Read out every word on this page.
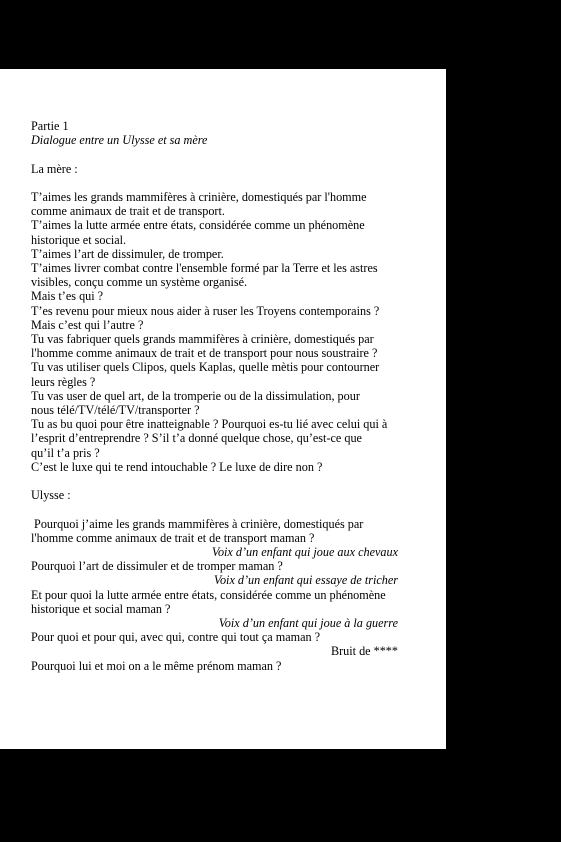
Partie 1
Dialogue entre un Ulysse et sa mère
La mère :
T’aimes les grands mammifères à crinière, domestiqués par l'homme
comme animaux de trait et de transport.
T’aimes la lutte armée entre états, considérée comme un phénomène
historique et social.
T’aimes l’art de dissimuler, de tromper.
T’aimes livrer combat contre l'ensemble formé par la Terre et les astres
visibles, conçu comme un système organisé.
Mais t’es qui ?
T’es revenu pour mieux nous aider à ruser les Troyens contemporains ?
Mais c’est qui l’autre ?
Tu vas fabriquer quels grands mammifères à crinière, domestiqués par
l'homme comme animaux de trait et de transport pour nous soustraire ?
Tu vas utiliser quels Clipos, quels Kaplas, quelle mètis pour contourner
leurs règles ?
Tu vas user de quel art, de la tromperie ou de la dissimulation, pour
nous télé/TV/télé/TV/transporter ?
Tu as bu quoi pour être inatteignable ? Pourquoi es-tu lié avec celui qui à
l’esprit d’entreprendre ? S’il t’a donné quelque chose, qu’est-ce que
qu’il t’a pris ?
C’est le luxe qui te rend intouchable ? Le luxe de dire non ?
Ulysse :
Pourquoi j’aime les grands mammifères à crinière, domestiqués par
l'homme comme animaux de trait et de transport maman ?
Voix d’un enfant qui joue aux chevaux
Pourquoi l’art de dissimuler et de tromper maman ?
Voix d’un enfant qui essaye de tricher
Et pour quoi la lutte armée entre états, considérée comme un phénomène
historique et social maman ?
Voix d’un enfant qui joue à la guerre
Pour quoi et pour qui, avec qui, contre qui tout ça maman ?
Bruit de ****
Pourquoi lui et moi on a le même prénom maman ?
